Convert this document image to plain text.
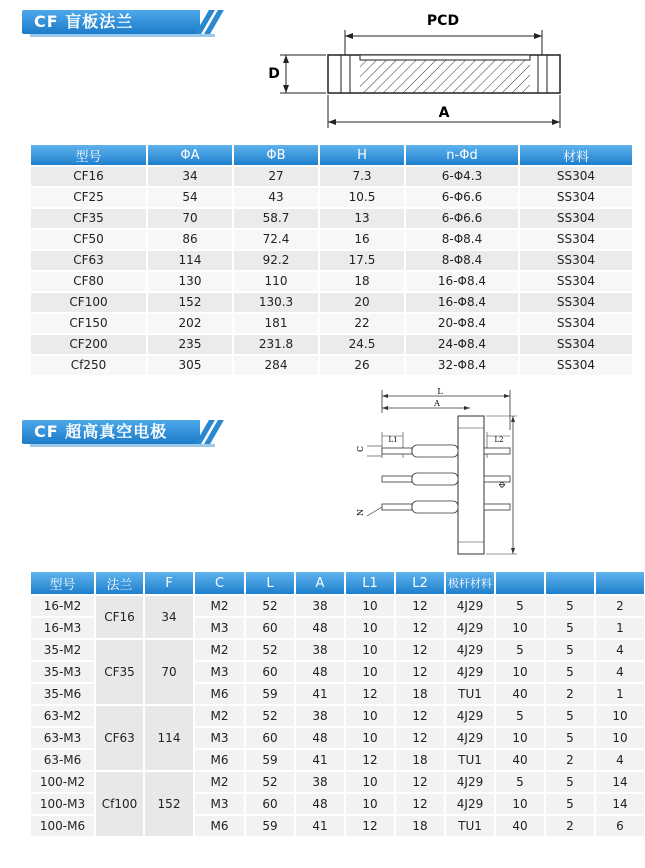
CF 盲板法兰	PCD
D
A
型号	ΦA	ΦB	H	n-Φd	材料
CF16	34	27	7.3	6-Φ4.3	SS304
CF25	54	43	10.5	6-Φ6.6	SS304
CF35	70	58.7	13	6-Φ6.6	SS304
CF50	86	72.4	16	8-Φ8.4	SS304
CF63	114	92.2	17.5	8-Φ8.4	SS304
CF80	130	110	18	16-Φ8.4	SS304
CF100	152	130.3	20	16-Φ8.4	SS304
CF150	202	181	22	20-Φ8.4	SS304
CF200	235	231.8	24.5	24-Φ8.4	SS304
Cf250	305	284	26	32-Φ8.4	SS304
CF 超高真空电极
L
A
L1	L2
C
N
型号	法兰	F	C	L	A	L1	L2	极杆材料			
16-M2	CF16	34	M2	52	38	10	12	4J29	5	5	2
16-M3			M3	60	48	10	12	4J29	10	5	1
35-M2	CF35	70	M2	52	38	10	12	4J29	5	5	4
35-M3			M3	60	48	10	12	4J29	10	5	4
35-M6			M6	59	41	12	18	TU1	40	2	1
63-M2	CF63	114	M2	52	38	10	12	4J29	5	5	10
63-M3			M3	60	48	10	12	4J29	10	5	10
63-M6			M6	59	41	12	18	TU1	40	2	4
100-M2	Cf100	152	M2	52	38	10	12	4J29	5	5	14
100-M3			M3	60	48	10	12	4J29	10	5	14
100-M6			M6	59	41	12	18	TU1	40	2	6
